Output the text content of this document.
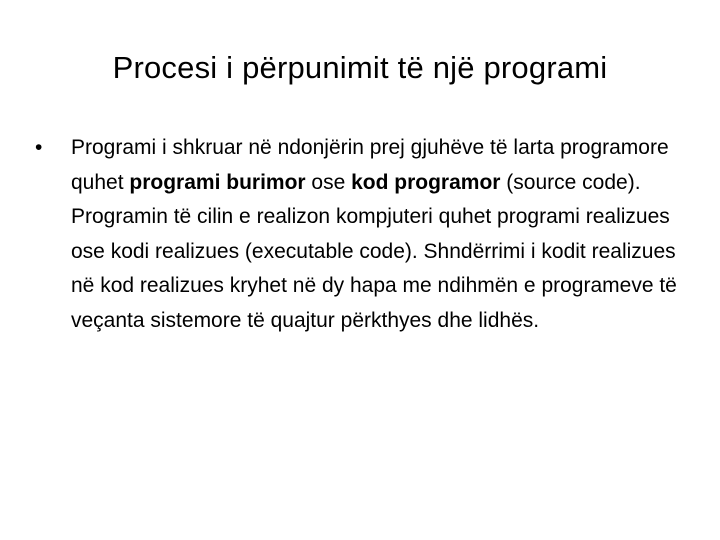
Procesi i përpunimit të një programi
•	Programi i shkruar në ndonjërin prej gjuhëve të larta programore quhet programi burimor ose kod programor (source code). Programin të cilin e realizon kompjuteri quhet programi realizues ose kodi realizues (executable code). Shndërrimi i kodit realizues në kod realizues kryhet në dy hapa me ndihmën e programeve të veçanta sistemore të quajtur përkthyes dhe lidhës.
